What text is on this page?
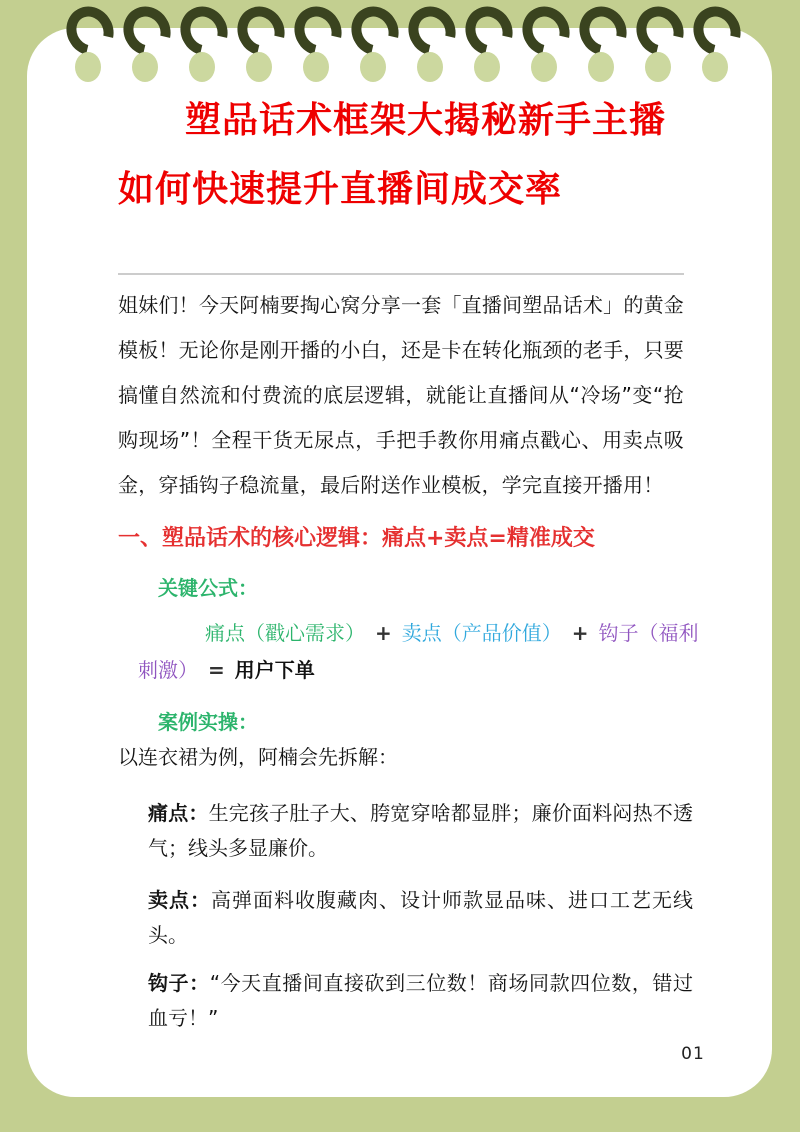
塑品话术框架大揭秘新手主播
如何快速提升直播间成交率

姐妹们！今天阿楠要掏心窝分享一套「直播间塑品话术」的黄金模板！无论你是刚开播的小白，还是卡在转化瓶颈的老手，只要搞懂自然流和付费流的底层逻辑，就能让直播间从“冷场”变“抢购现场”！全程干货无尿点，手把手教你用痛点戳心、用卖点吸金，穿插钩子稳流量，最后附送作业模板，学完直接开播用！

一、塑品话术的核心逻辑：痛点+卖点=精准成交

关键公式：

痛点（戳心需求） + 卖点（产品价值） + 钩子（福利刺激） = 用户下单

案例实操：

以连衣裙为例，阿楠会先拆解：

痛点：生完孩子肚子大、胯宽穿啥都显胖；廉价面料闷热不透气；线头多显廉价。

卖点：高弹面料收腹藏肉、设计师款显品味、进口工艺无线头。

钩子：“今天直播间直接砍到三位数！商场同款四位数，错过血亏！”

01
